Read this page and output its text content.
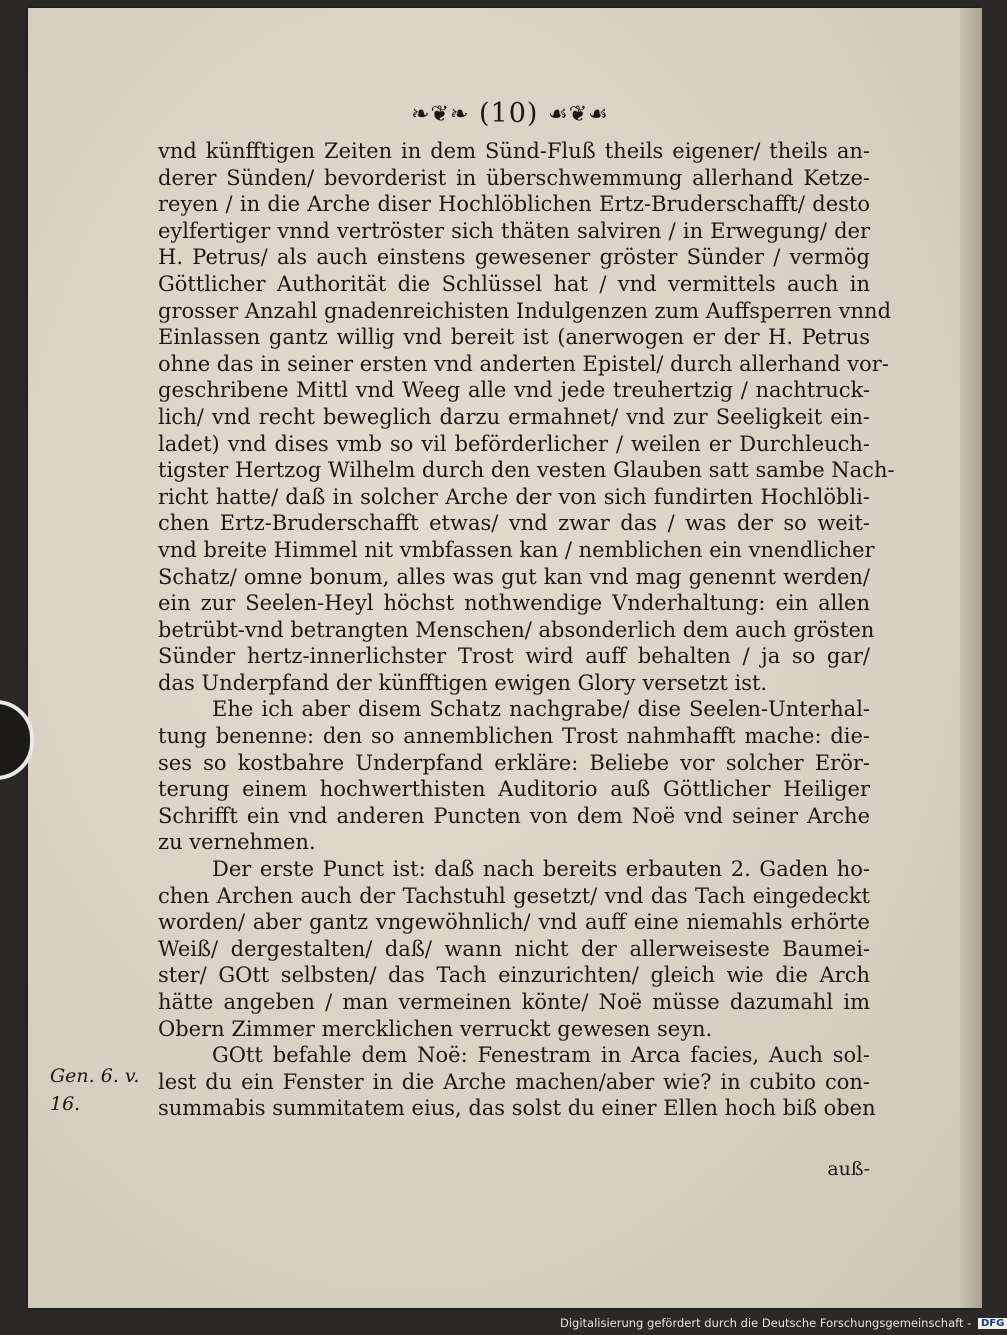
❧❦❧ (10) ☙❦☙
vnd künfftigen Zeiten in dem Sünd-Fluß theils eigener/ theils an-
derer Sünden/ bevorderist in überschwemmung allerhand Ketze-
reyen / in die Arche diser Hochlöblichen Ertz-Bruderschafft/ desto
eylfertiger vnnd vertröster sich thäten salviren / in Erwegung/ der
H. Petrus/ als auch einstens gewesener gröster Sünder / vermög
Göttlicher Authorität die Schlüssel hat / vnd vermittels auch in
grosser Anzahl gnadenreichisten Indulgenzen zum Auffsperren vnnd
Einlassen gantz willig vnd bereit ist (anerwogen er der H. Petrus
ohne das in seiner ersten vnd anderten Epistel/ durch allerhand vor-
geschribene Mittl vnd Weeg alle vnd jede treuhertzig / nachtruck-
lich/ vnd recht beweglich darzu ermahnet/ vnd zur Seeligkeit ein-
ladet) vnd dises vmb so vil beförderlicher / weilen er Durchleuch-
tigster Hertzog Wilhelm durch den vesten Glauben satt sambe Nach-
richt hatte/ daß in solcher Arche der von sich fundirten Hochlöbli-
chen Ertz-Bruderschafft etwas/ vnd zwar das / was der so weit-
vnd breite Himmel nit vmbfassen kan / nemblichen ein vnendlicher
Schatz/ omne bonum, alles was gut kan vnd mag genennt werden/
ein zur Seelen-Heyl höchst nothwendige Vnderhaltung: ein allen
betrübt-vnd betrangten Menschen/ absonderlich dem auch grösten
Sünder hertz-innerlichster Trost wird auff behalten / ja so gar/
das Underpfand der künfftigen ewigen Glory versetzt ist.
Ehe ich aber disem Schatz nachgrabe/ dise Seelen-Unterhal-
tung benenne: den so annemblichen Trost nahmhafft mache: die-
ses so kostbahre Underpfand erkläre: Beliebe vor solcher Erör-
terung einem hochwerthisten Auditorio auß Göttlicher Heiliger
Schrifft ein vnd anderen Puncten von dem Noë vnd seiner Arche
zu vernehmen.
Der erste Punct ist: daß nach bereits erbauten 2. Gaden ho-
chen Archen auch der Tachstuhl gesetzt/ vnd das Tach eingedeckt
worden/ aber gantz vngewöhnlich/ vnd auff eine niemahls erhörte
Weiß/ dergestalten/ daß/ wann nicht der allerweiseste Baumei-
ster/ GOtt selbsten/ das Tach einzurichten/ gleich wie die Arch
hätte angeben / man vermeinen könte/ Noë müsse dazumahl im
Obern Zimmer mercklichen verruckt gewesen seyn.
GOtt befahle dem Noë: Fenestram in Arca facies, Auch sol-
lest du ein Fenster in die Arche machen/aber wie? in cubito con-
summabis summitatem eius, das solst du einer Ellen hoch biß oben
Gen. 6. v.
16.
auß-
Digitalisierung gefördert durch die Deutsche Forschungsgemeinschaft - DFG
